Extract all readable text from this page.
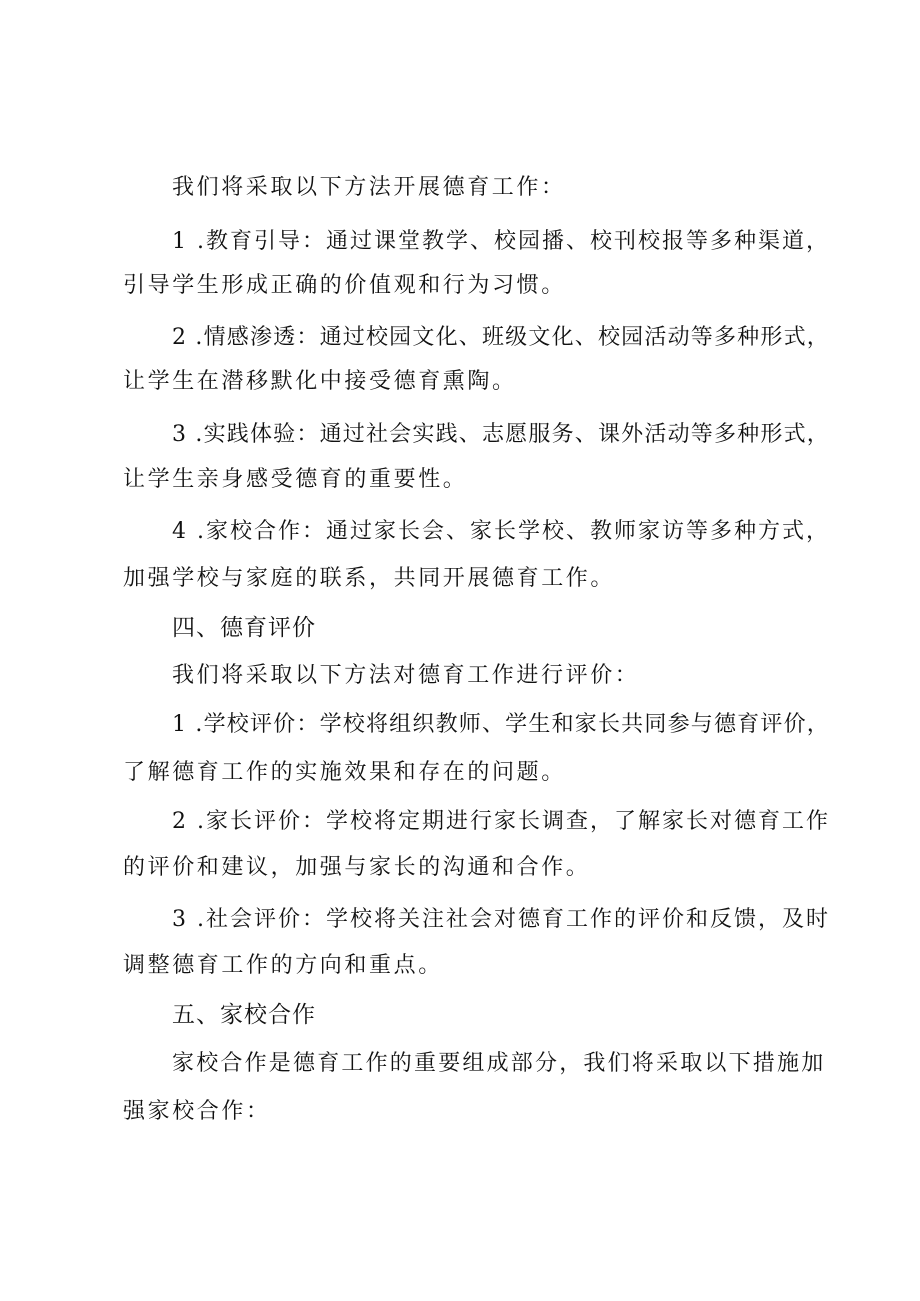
我们将采取以下方法开展德育工作：
1 .教育引导：通过课堂教学、校园播、校刊校报等多种渠道，
引导学生形成正确的价值观和行为习惯。
2 .情感渗透：通过校园文化、班级文化、校园活动等多种形式，
让学生在潜移默化中接受德育熏陶。
3 .实践体验：通过社会实践、志愿服务、课外活动等多种形式，
让学生亲身感受德育的重要性。
4 .家校合作：通过家长会、家长学校、教师家访等多种方式，
加强学校与家庭的联系，共同开展德育工作。
四、德育评价
我们将采取以下方法对德育工作进行评价：
1 .学校评价：学校将组织教师、学生和家长共同参与德育评价，
了解德育工作的实施效果和存在的问题。
2 .家长评价：学校将定期进行家长调查，了解家长对德育工作
的评价和建议，加强与家长的沟通和合作。
3 .社会评价：学校将关注社会对德育工作的评价和反馈，及时
调整德育工作的方向和重点。
五、家校合作
家校合作是德育工作的重要组成部分，我们将采取以下措施加
强家校合作：
